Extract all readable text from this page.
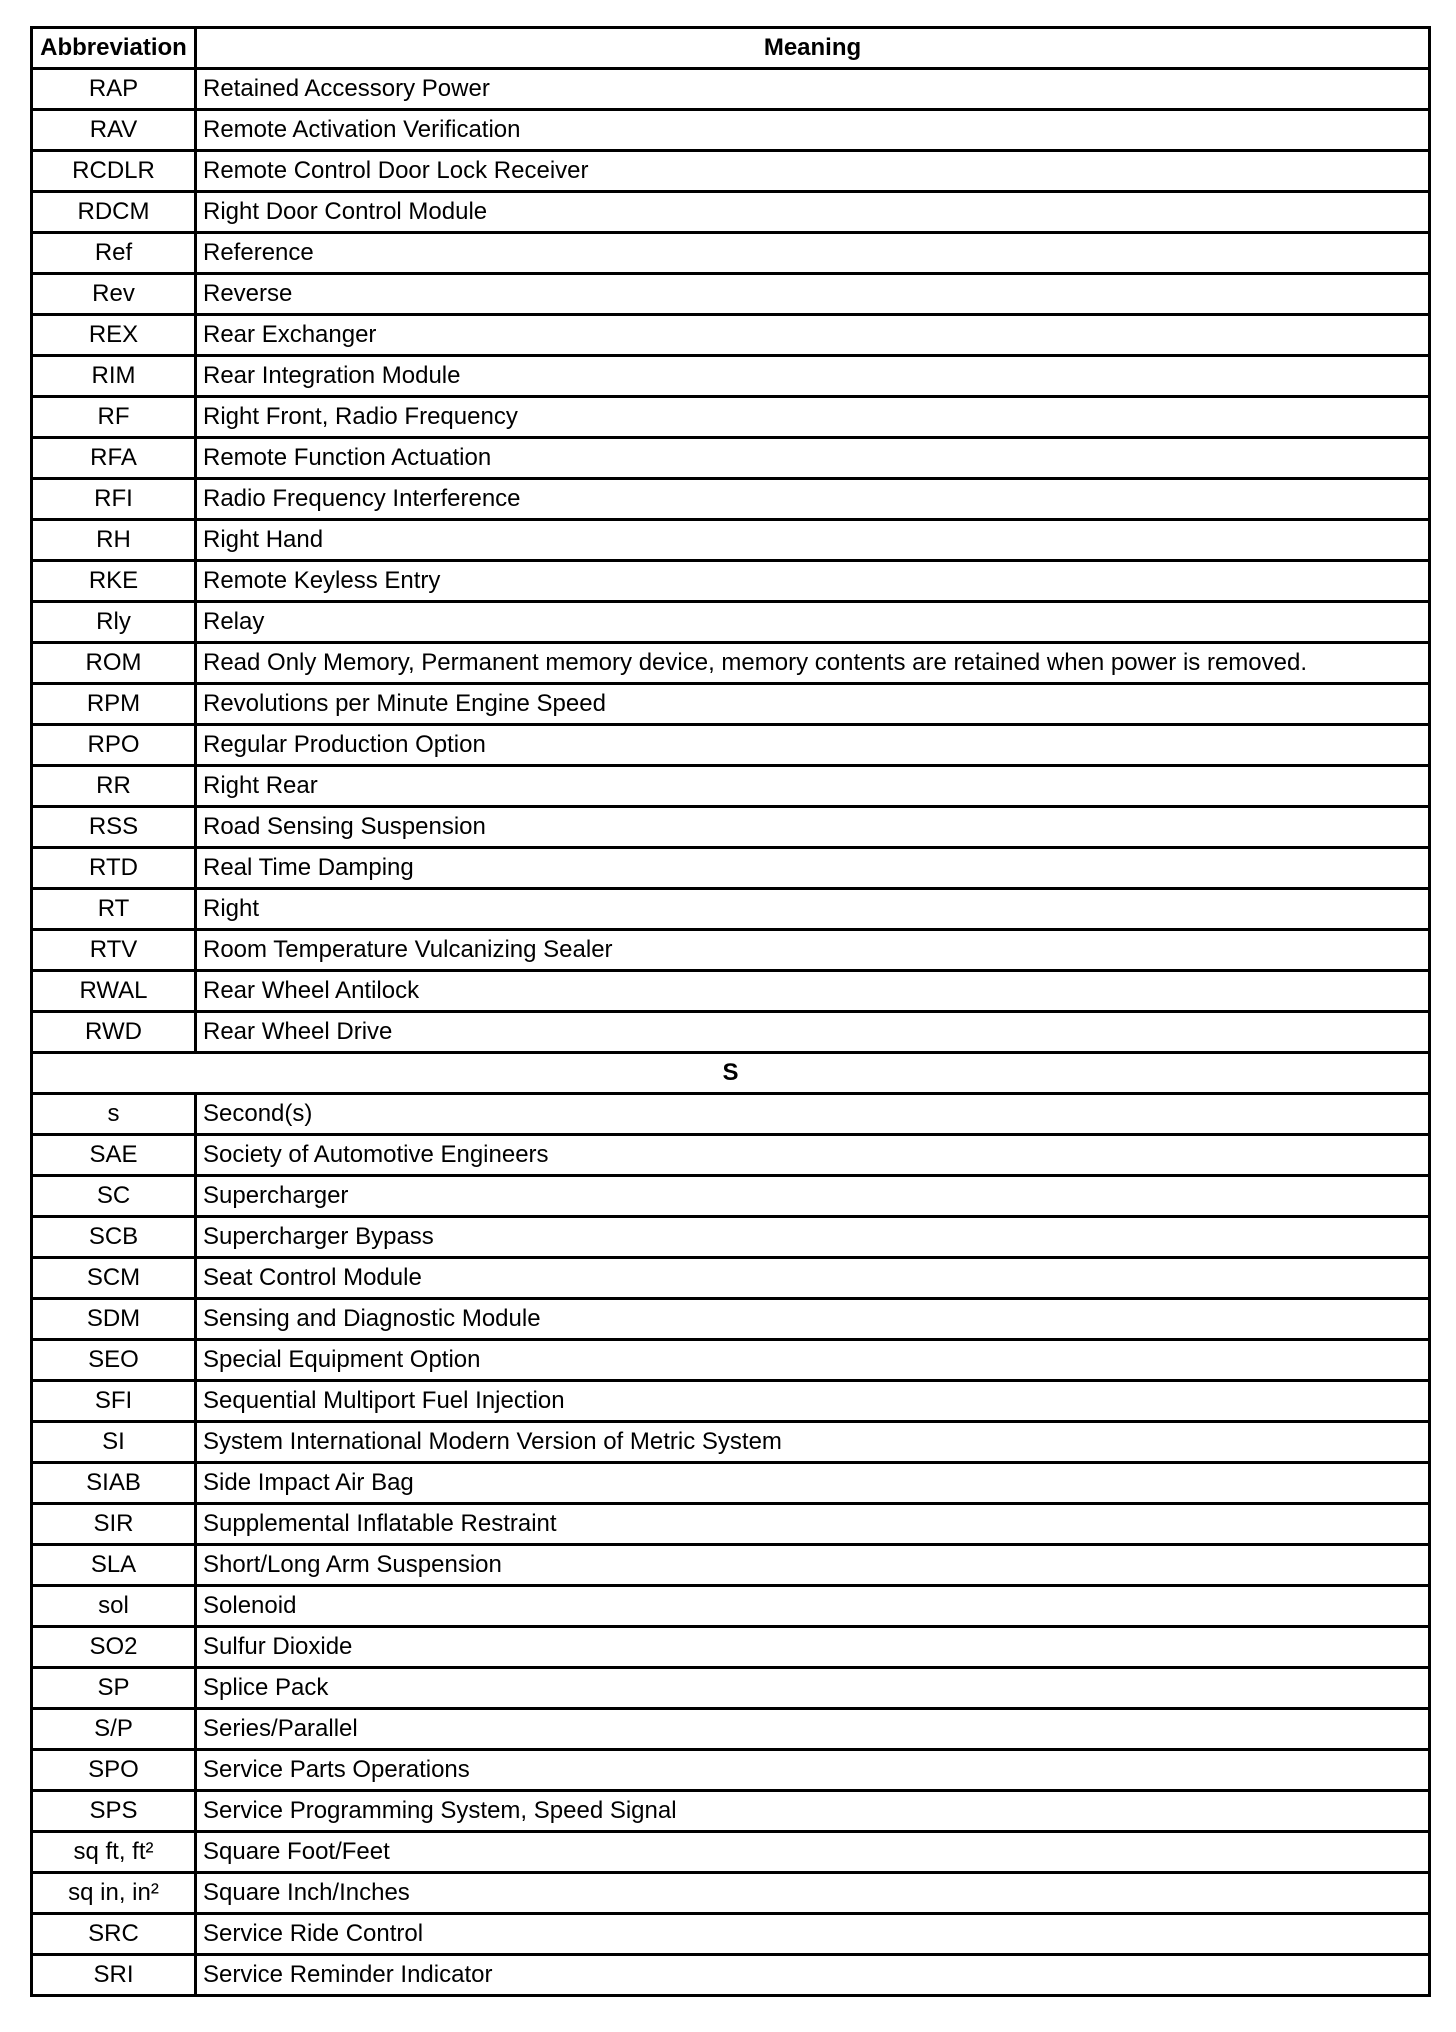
Abbreviation	Meaning
RAP	Retained Accessory Power
RAV	Remote Activation Verification
RCDLR	Remote Control Door Lock Receiver
RDCM	Right Door Control Module
Ref	Reference
Rev	Reverse
REX	Rear Exchanger
RIM	Rear Integration Module
RF	Right Front, Radio Frequency
RFA	Remote Function Actuation
RFI	Radio Frequency Interference
RH	Right Hand
RKE	Remote Keyless Entry
Rly	Relay
ROM	Read Only Memory, Permanent memory device, memory contents are retained when power is removed.
RPM	Revolutions per Minute Engine Speed
RPO	Regular Production Option
RR	Right Rear
RSS	Road Sensing Suspension
RTD	Real Time Damping
RT	Right
RTV	Room Temperature Vulcanizing Sealer
RWAL	Rear Wheel Antilock
RWD	Rear Wheel Drive
S	
s	Second(s)
SAE	Society of Automotive Engineers
SC	Supercharger
SCB	Supercharger Bypass
SCM	Seat Control Module
SDM	Sensing and Diagnostic Module
SEO	Special Equipment Option
SFI	Sequential Multiport Fuel Injection
SI	System International Modern Version of Metric System
SIAB	Side Impact Air Bag
SIR	Supplemental Inflatable Restraint
SLA	Short/Long Arm Suspension
sol	Solenoid
SO2	Sulfur Dioxide
SP	Splice Pack
S/P	Series/Parallel
SPO	Service Parts Operations
SPS	Service Programming System, Speed Signal
sq ft, ft²	Square Foot/Feet
sq in, in²	Square Inch/Inches
SRC	Service Ride Control
SRI	Service Reminder Indicator
